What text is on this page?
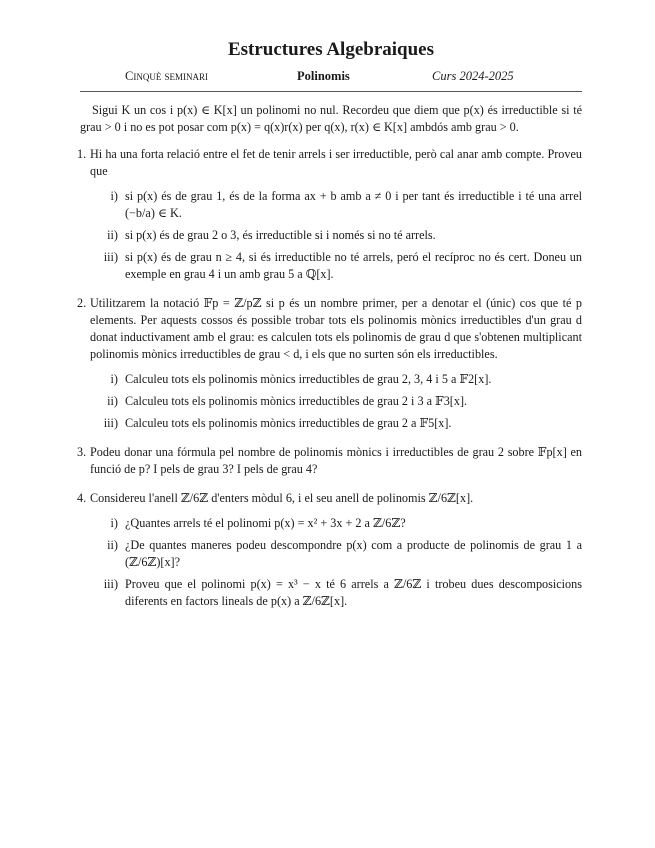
Estructures Algebraiques
Cinquè seminari	Polinomis	Curs 2024-2025

Sigui K un cos i p(x) ∈ K[x] un polinomi no nul. Recordeu que diem que p(x) és irreductible si té grau > 0 i no es pot posar com p(x) = q(x)r(x) per q(x), r(x) ∈ K[x] ambdós amb grau > 0.

1. Hi ha una forta relació entre el fet de tenir arrels i ser irreductible, però cal anar amb compte. Proveu que
i) si p(x) és de grau 1, és de la forma ax + b amb a ≠ 0 i per tant és irreductible i té una arrel (−b/a) ∈ K.
ii) si p(x) és de grau 2 o 3, és irreductible si i només si no té arrels.
iii) si p(x) és de grau n ≥ 4, si és irreductible no té arrels, peró el recíproc no és cert. Doneu un exemple en grau 4 i un amb grau 5 a ℚ[x].
2. Utilitzarem la notació 𝔽p = ℤ/pℤ si p és un nombre primer, per a denotar el (únic) cos que té p elements. Per aquests cossos és possible trobar tots els polinomis mònics irreductibles d'un grau d donat inductivament amb el grau: es calculen tots els polinomis de grau d que s'obtenen multiplicant polinomis mònics irreductibles de grau < d, i els que no surten són els irreductibles.
i) Calculeu tots els polinomis mònics irreductibles de grau 2, 3, 4 i 5 a 𝔽2[x].
ii) Calculeu tots els polinomis mònics irreductibles de grau 2 i 3 a 𝔽3[x].
iii) Calculeu tots els polinomis mònics irreductibles de grau 2 a 𝔽5[x].
3. Podeu donar una fórmula pel nombre de polinomis mònics i irreductibles de grau 2 sobre 𝔽p[x] en funció de p? I pels de grau 3? I pels de grau 4?
4. Considereu l'anell ℤ/6ℤ d'enters mòdul 6, i el seu anell de polinomis ℤ/6ℤ[x].
i) ¿Quantes arrels té el polinomi p(x) = x² + 3x + 2 a ℤ/6ℤ?
ii) ¿De quantes maneres podeu descompondre p(x) com a producte de polinomis de grau 1 a (ℤ/6ℤ)[x]?
iii) Proveu que el polinomi p(x) = x³ − x té 6 arrels a ℤ/6ℤ i trobeu dues descomposicions diferents en factors lineals de p(x) a ℤ/6ℤ[x].
